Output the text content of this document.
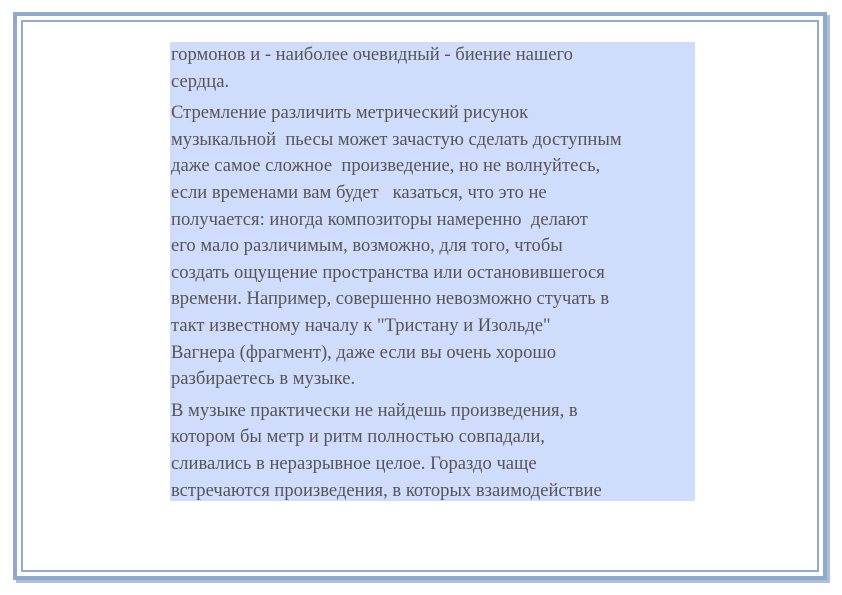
гормонов и - наиболее очевидный - биение нашего
сердца.

Стремление различить метрический рисунок
музыкальной  пьесы может зачастую сделать доступным
даже самое сложное  произведение, но не волнуйтесь,
если временами вам будет   казаться, что это не
получается: иногда композиторы намеренно  делают
его мало различимым, возможно, для того, чтобы
создать ощущение пространства или остановившегося
времени. Например, совершенно невозможно стучать в
такт известному началу к "Тристану и Изольде"
Вагнера (фрагмент), даже если вы очень хорошо
разбираетесь в музыке.

В музыке практически не найдешь произведения, в
котором бы метр и ритм полностью совпадали,
сливались в неразрывное целое. Гораздо чаще
встречаются произведения, в которых взаимодействие
